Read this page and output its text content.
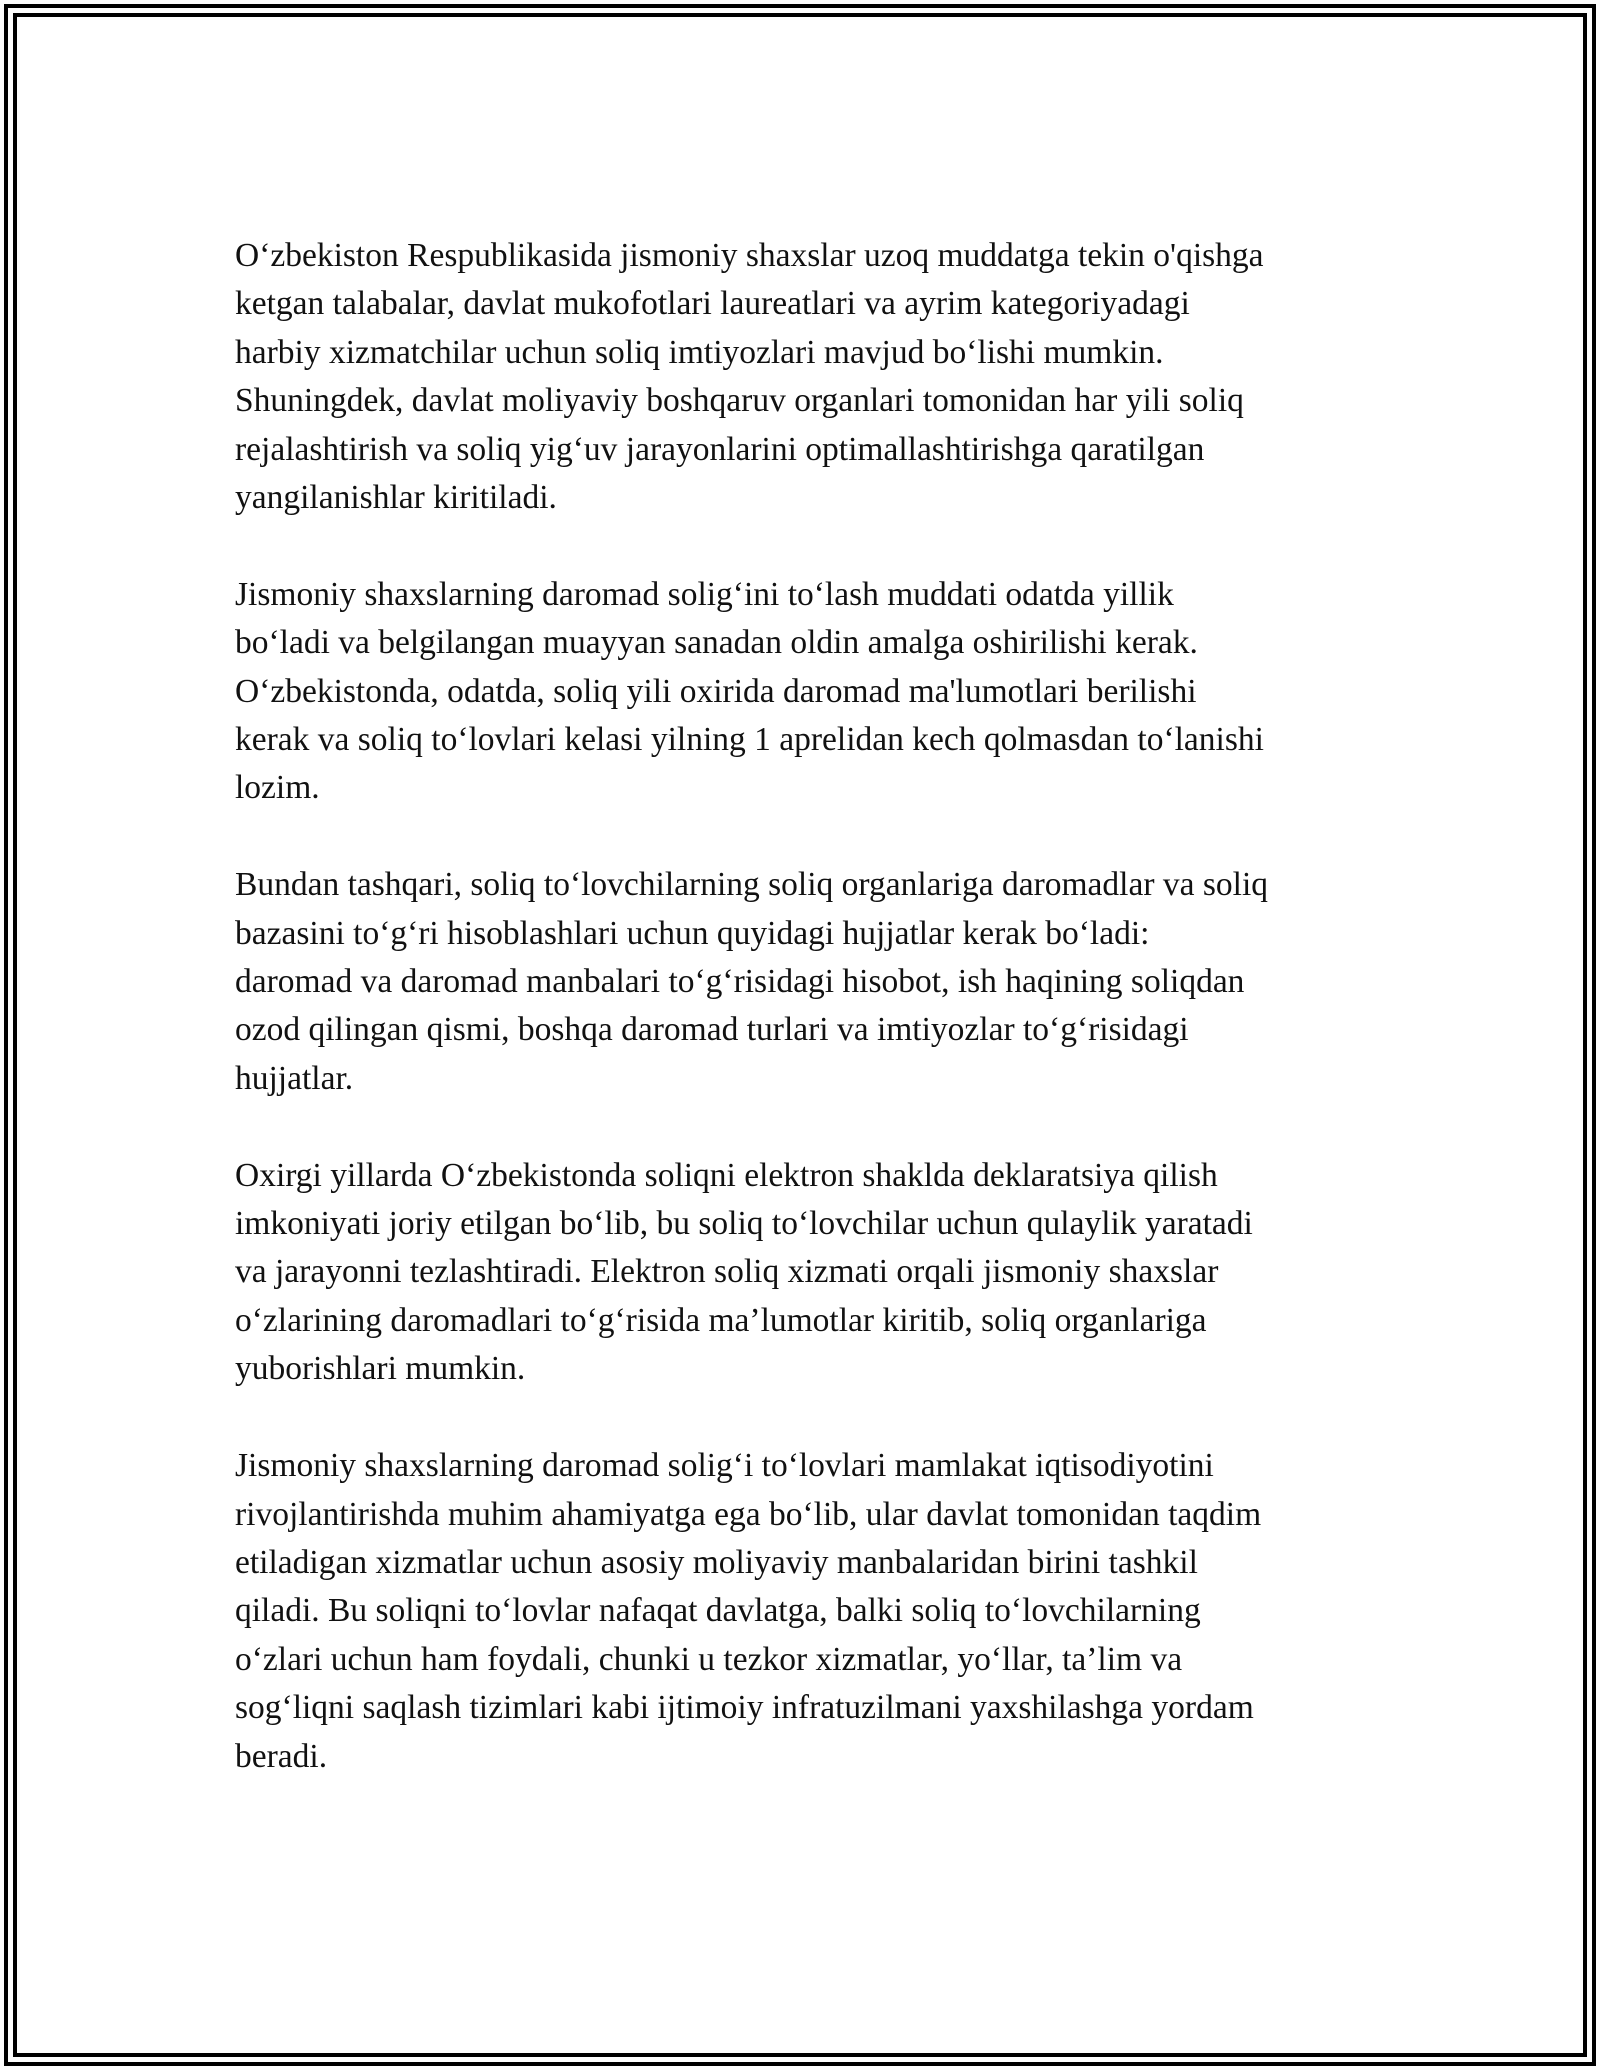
O‘zbekiston Respublikasida jismoniy shaxslar uzoq muddatga tekin o'qishga
ketgan talabalar, davlat mukofotlari laureatlari va ayrim kategoriyadagi
harbiy xizmatchilar uchun soliq imtiyozlari mavjud bo‘lishi mumkin.
Shuningdek, davlat moliyaviy boshqaruv organlari tomonidan har yili soliq
rejalashtirish va soliq yig‘uv jarayonlarini optimallashtirishga qaratilgan
yangilanishlar kiritiladi.

Jismoniy shaxslarning daromad solig‘ini to‘lash muddati odatda yillik
bo‘ladi va belgilangan muayyan sanadan oldin amalga oshirilishi kerak.
O‘zbekistonda, odatda, soliq yili oxirida daromad ma'lumotlari berilishi
kerak va soliq to‘lovlari kelasi yilning 1 aprelidan kech qolmasdan to‘lanishi
lozim.

Bundan tashqari, soliq to‘lovchilarning soliq organlariga daromadlar va soliq
bazasini to‘g‘ri hisoblashlari uchun quyidagi hujjatlar kerak bo‘ladi:
daromad va daromad manbalari to‘g‘risidagi hisobot, ish haqining soliqdan
ozod qilingan qismi, boshqa daromad turlari va imtiyozlar to‘g‘risidagi
hujjatlar.

Oxirgi yillarda O‘zbekistonda soliqni elektron shaklda deklaratsiya qilish
imkoniyati joriy etilgan bo‘lib, bu soliq to‘lovchilar uchun qulaylik yaratadi
va jarayonni tezlashtiradi. Elektron soliq xizmati orqali jismoniy shaxslar
o‘zlarining daromadlari to‘g‘risida ma’lumotlar kiritib, soliq organlariga
yuborishlari mumkin.

Jismoniy shaxslarning daromad solig‘i to‘lovlari mamlakat iqtisodiyotini
rivojlantirishda muhim ahamiyatga ega bo‘lib, ular davlat tomonidan taqdim
etiladigan xizmatlar uchun asosiy moliyaviy manbalaridan birini tashkil
qiladi. Bu soliqni to‘lovlar nafaqat davlatga, balki soliq to‘lovchilarning
o‘zlari uchun ham foydali, chunki u tezkor xizmatlar, yo‘llar, ta’lim va
sog‘liqni saqlash tizimlari kabi ijtimoiy infratuzilmani yaxshilashga yordam
beradi.
